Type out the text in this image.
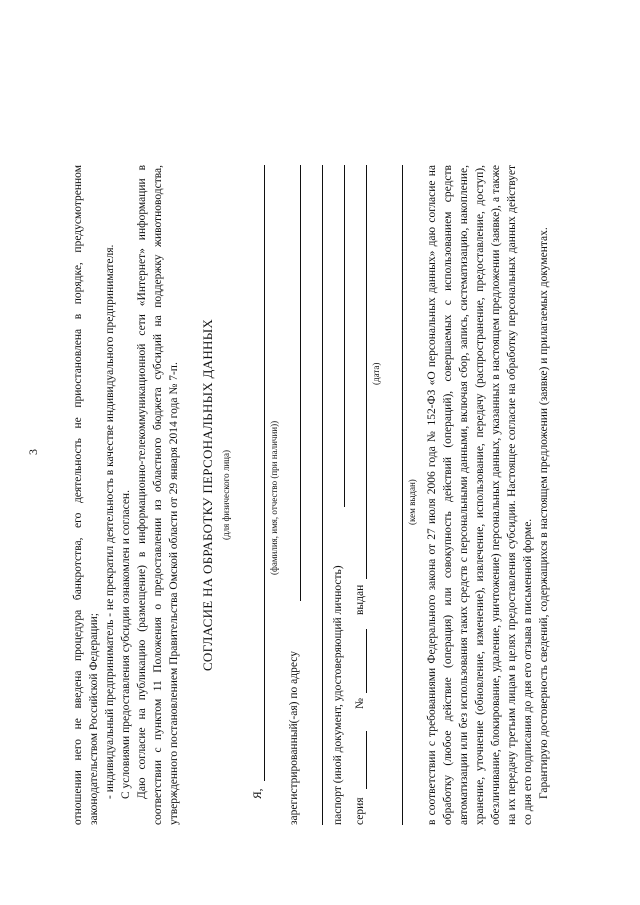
3	отношении него не введена процедура банкротства, его деятельность не приостановлена в порядке, предусмотренном законодательством Российской Федерации; - индивидуальный предприниматель - не прекратил деятельность в качестве индивидуального предпринимателя. С условиями предоставления субсидии ознакомлен и согласен. Даю согласие на публикацию (размещение) в информационно-телекоммуникационной сети «Интернет» информации в соответствии с пунктом 11 Положения о предоставлении из областного бюджета субсидий на поддержку животноводства, утвержденного постановлением Правительства Омской области от 29 января 2014 года № 7-п. СОГЛАСИЕ НА ОБРАБОТКУ ПЕРСОНАЛЬНЫХ ДАННЫХ (для физического лица)
Я,
(фамилия, имя, отчество (при наличии))
зарегистрированный(-ая) по адресу	паспорт (иной документ, удостоверяющий личность) серия
№
выдан
(дата)
(кем выдан) в соответствии с требованиями Федерального закона от 27 июля 2006 года № 152-ФЗ «О персональных данных» даю согласие на обработку (любое действие (операция) или совокупность действий (операций), совершаемых с использованием средств автоматизации или без использования таких средств с персональными данными, включая сбор, запись, систематизацию, накопление, хранение, уточнение (обновление, изменение), извлечение, использование, передачу (распространение, предоставление, доступ), обезличивание, блокирование, удаление, уничтожение) персональных данных, указанных в настоящем предложении (заявке), а также на их передачу третьим лицам в целях предоставления субсидии. Настоящее согласие на обработку персональных данных действует со дня его подписания до дня его отзыва в письменной форме. Гарантирую достоверность сведений, содержащихся в настоящем предложении (заявке) и прилагаемых документах.
